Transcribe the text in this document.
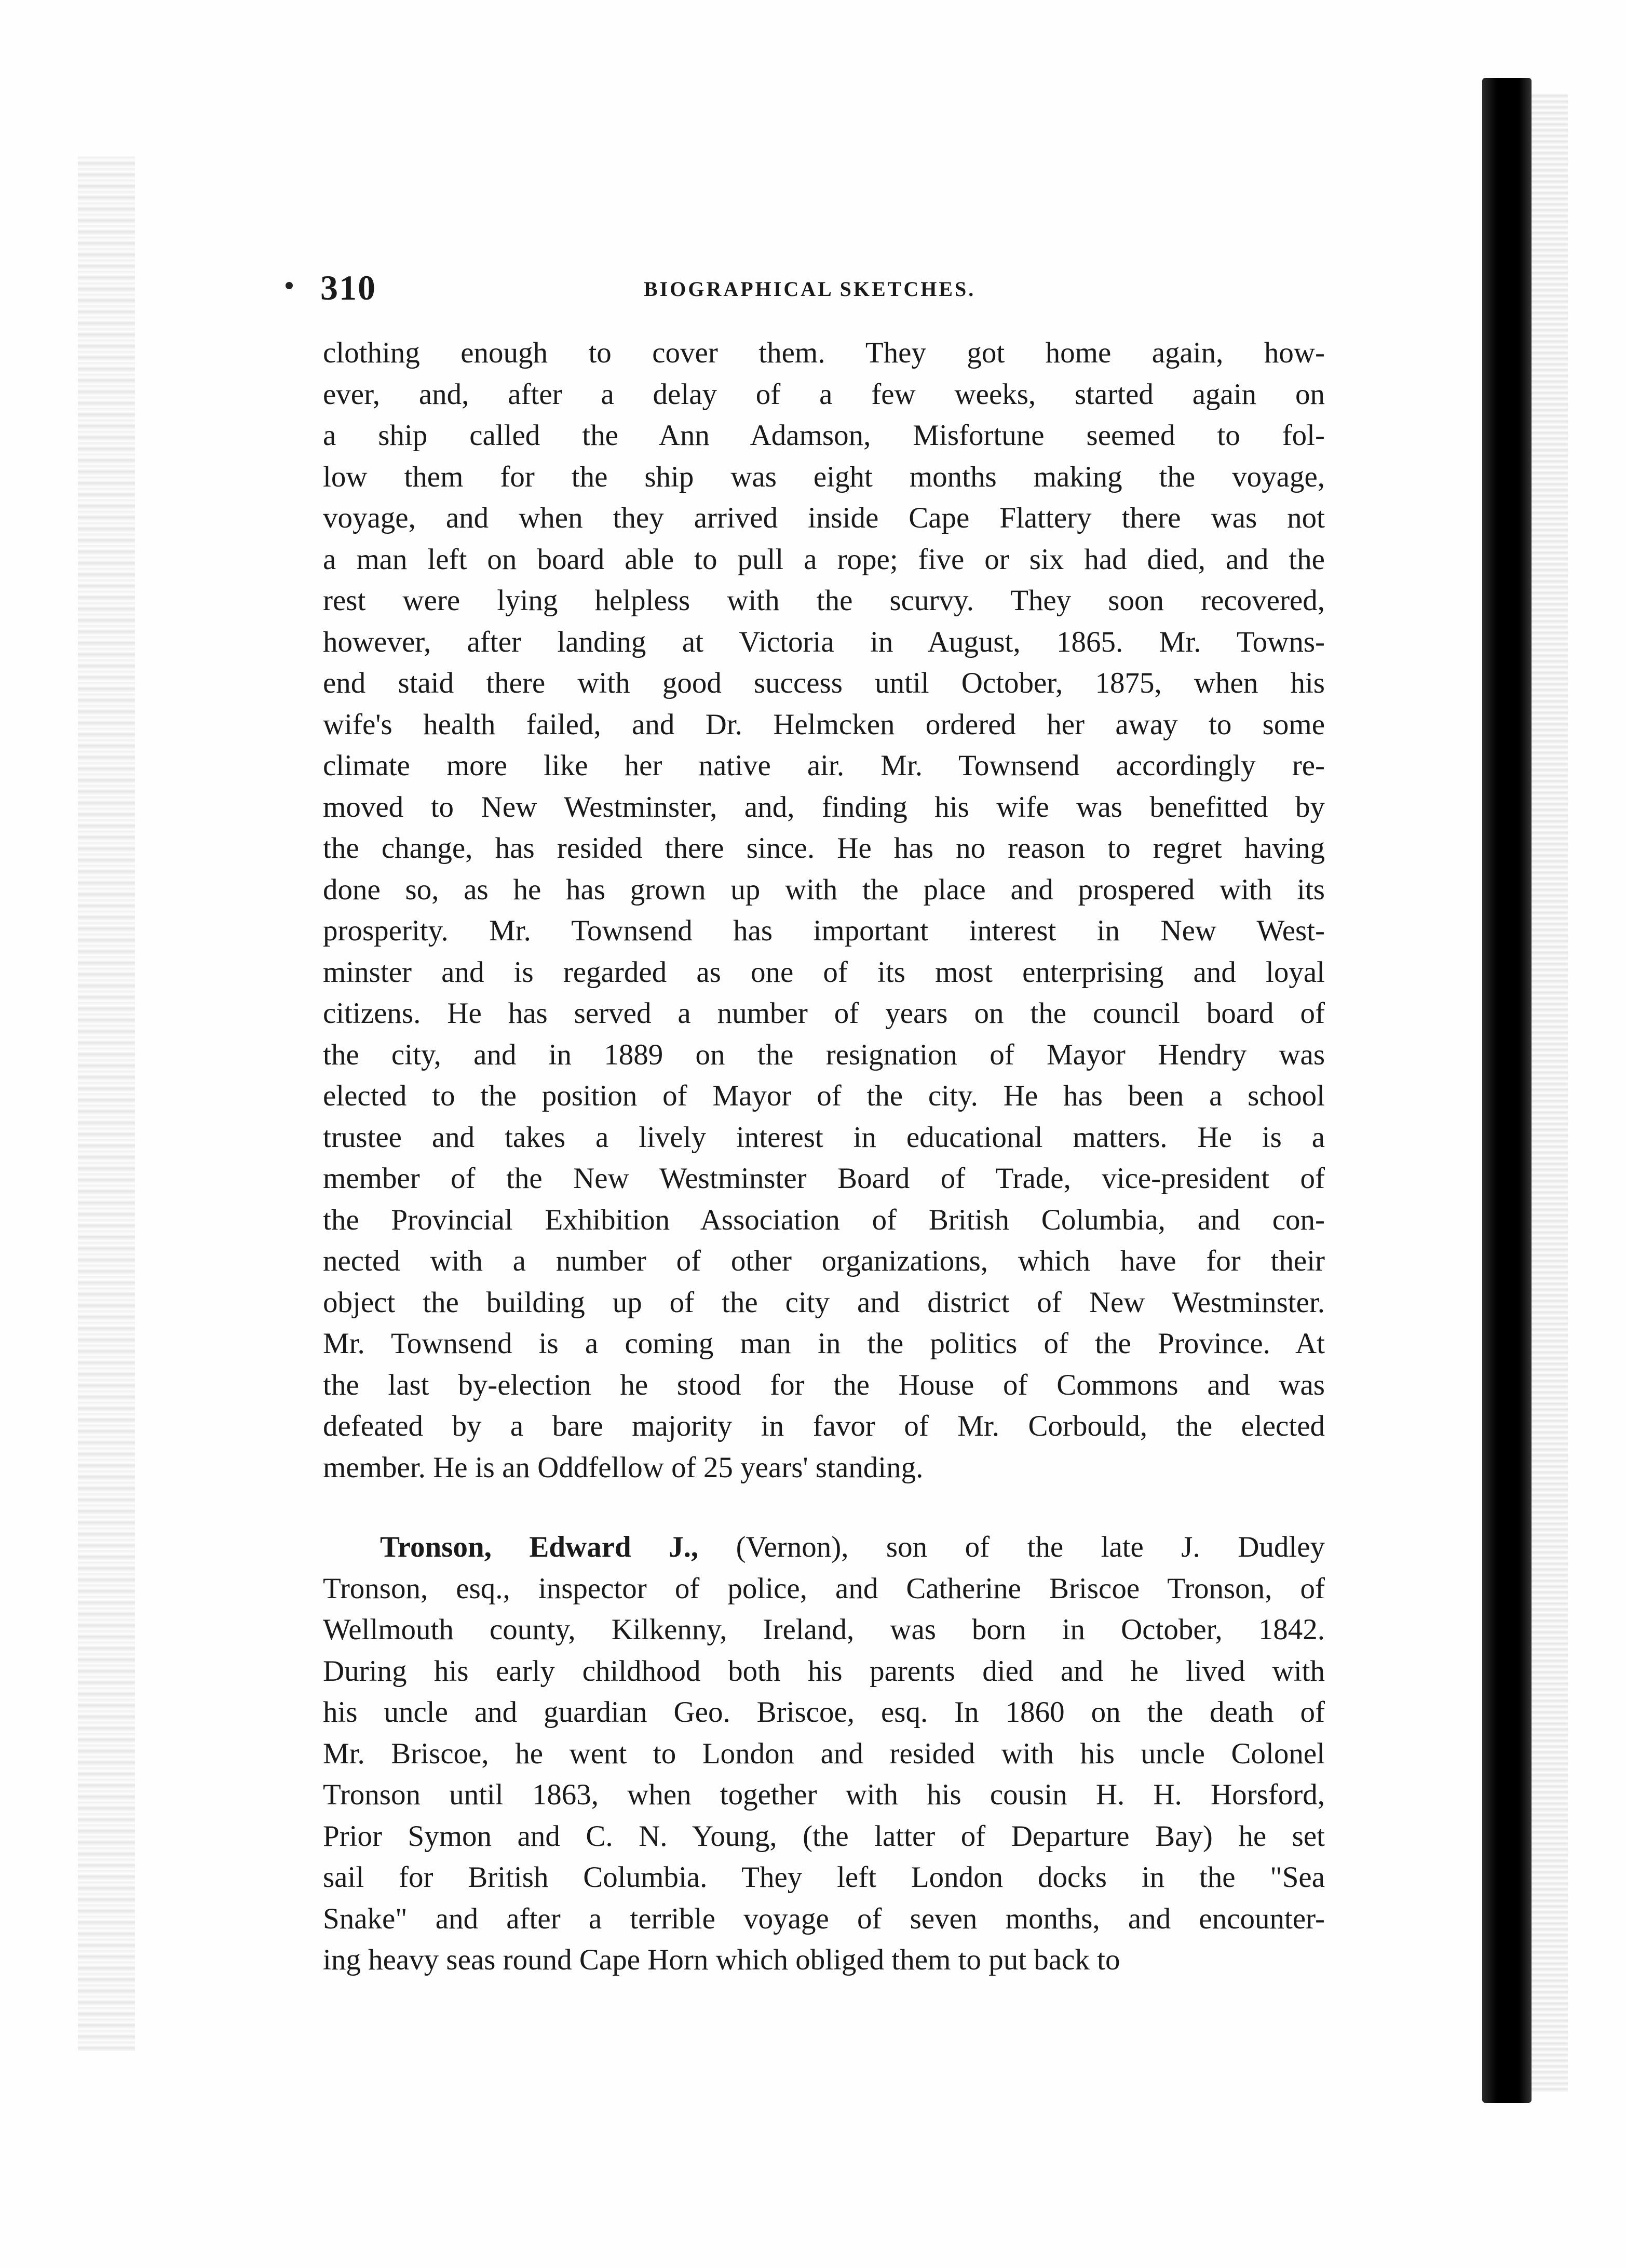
310	BIOGRAPHICAL SKETCHES.
clothing enough to cover them. They got home again, how-
ever, and, after a delay of a few weeks, started again on
a ship called the Ann Adamson, Misfortune seemed to fol-
low them for the ship was eight months making the voyage,
voyage, and when they arrived inside Cape Flattery there was not
a man left on board able to pull a rope; five or six had died, and the
rest were lying helpless with the scurvy. They soon recovered,
however, after landing at Victoria in August, 1865. Mr. Towns-
end staid there with good success until October, 1875, when his
wife's health failed, and Dr. Helmcken ordered her away to some
climate more like her native air. Mr. Townsend accordingly re-
moved to New Westminster, and, finding his wife was benefitted by
the change, has resided there since. He has no reason to regret having
done so, as he has grown up with the place and prospered with its
prosperity. Mr. Townsend has important interest in New West-
minster and is regarded as one of its most enterprising and loyal
citizens. He has served a number of years on the council board of
the city, and in 1889 on the resignation of Mayor Hendry was
elected to the position of Mayor of the city. He has been a school
trustee and takes a lively interest in educational matters. He is a
member of the New Westminster Board of Trade, vice-president of
the Provincial Exhibition Association of British Columbia, and con-
nected with a number of other organizations, which have for their
object the building up of the city and district of New Westminster.
Mr. Townsend is a coming man in the politics of the Province. At
the last by-election he stood for the House of Commons and was
defeated by a bare majority in favor of Mr. Corbould, the elected
member. He is an Oddfellow of 25 years' standing.
Tronson, Edward J., (Vernon), son of the late J. Dudley
Tronson, esq., inspector of police, and Catherine Briscoe Tronson, of
Wellmouth county, Kilkenny, Ireland, was born in October, 1842.
During his early childhood both his parents died and he lived with
his uncle and guardian Geo. Briscoe, esq. In 1860 on the death of
Mr. Briscoe, he went to London and resided with his uncle Colonel
Tronson until 1863, when together with his cousin H. H. Horsford,
Prior Symon and C. N. Young, (the latter of Departure Bay) he set
sail for British Columbia. They left London docks in the "Sea
Snake" and after a terrible voyage of seven months, and encounter-
ing heavy seas round Cape Horn which obliged them to put back to
